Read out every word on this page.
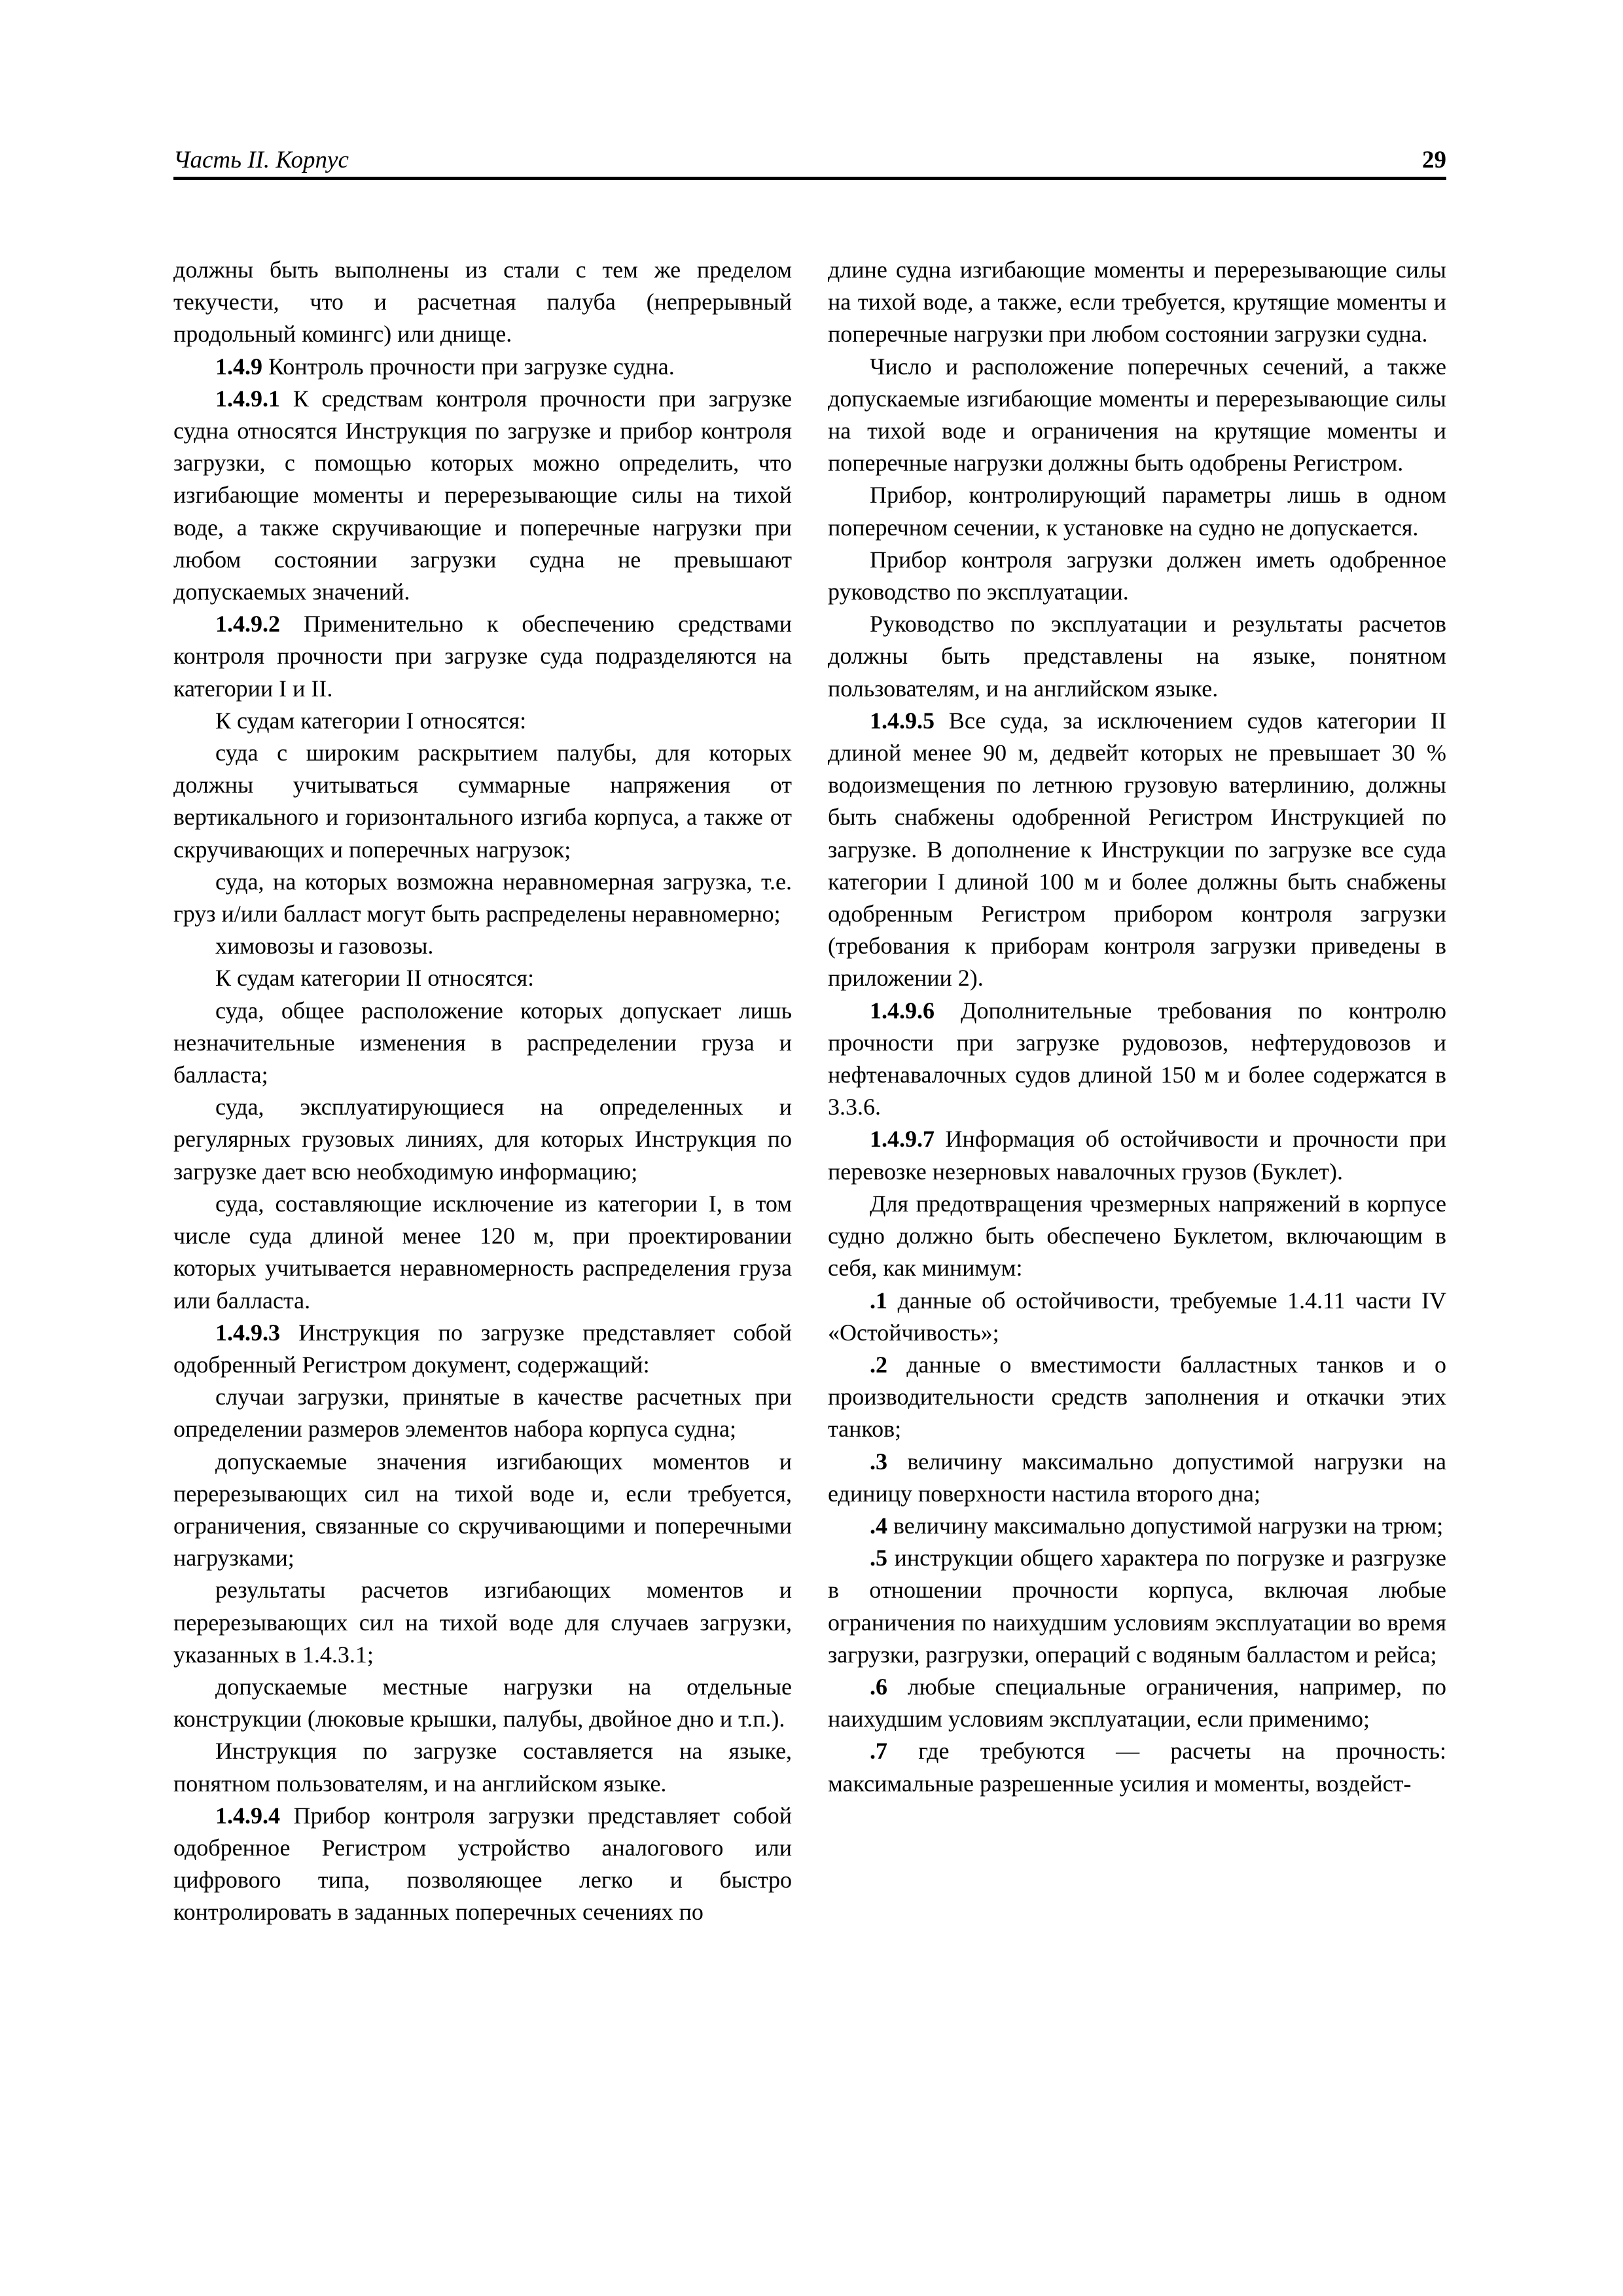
Часть II. Корпус	29

должны быть выполнены из стали с тем же пределом текучести, что и расчетная палуба (непрерывный продольный комингс) или днище.

1.4.9 Контроль прочности при загрузке судна.

1.4.9.1 К средствам контроля прочности при загрузке судна относятся Инструкция по загрузке и прибор контроля загрузки, с помощью которых можно определить, что изгибающие моменты и перерезывающие силы на тихой воде, а также скручивающие и поперечные нагрузки при любом состоянии загрузки судна не превышают допускаемых значений.

1.4.9.2 Применительно к обеспечению средствами контроля прочности при загрузке суда подразделяются на категории I и II.

К судам категории I относятся:

суда с широким раскрытием палубы, для которых должны учитываться суммарные напряжения от вертикального и горизонтального изгиба корпуса, а также от скручивающих и поперечных нагрузок;

суда, на которых возможна неравномерная загрузка, т.е. груз и/или балласт могут быть распределены неравномерно;

химовозы и газовозы.

К судам категории II относятся:

суда, общее расположение которых допускает лишь незначительные изменения в распределении груза и балласта;

суда, эксплуатирующиеся на определенных и регулярных грузовых линиях, для которых Инструкция по загрузке дает всю необходимую информацию;

суда, составляющие исключение из категории I, в том числе суда длиной менее 120 м, при проектировании которых учитывается неравномерность распределения груза или балласта.

1.4.9.3 Инструкция по загрузке представляет собой одобренный Регистром документ, содержащий:

случаи загрузки, принятые в качестве расчетных при определении размеров элементов набора корпуса судна;

допускаемые значения изгибающих моментов и перерезывающих сил на тихой воде и, если требуется, ограничения, связанные со скручивающими и поперечными нагрузками;

результаты расчетов изгибающих моментов и перерезывающих сил на тихой воде для случаев загрузки, указанных в 1.4.3.1;

допускаемые местные нагрузки на отдельные конструкции (люковые крышки, палубы, двойное дно и т.п.).

Инструкция по загрузке составляется на языке, понятном пользователям, и на английском языке.

1.4.9.4 Прибор контроля загрузки представляет собой одобренное Регистром устройство аналогового или цифрового типа, позволяющее легко и быстро контролировать в заданных поперечных сечениях по

длине судна изгибающие моменты и перерезывающие силы на тихой воде, а также, если требуется, крутящие моменты и поперечные нагрузки при любом состоянии загрузки судна.

Число и расположение поперечных сечений, а также допускаемые изгибающие моменты и перерезывающие силы на тихой воде и ограничения на крутящие моменты и поперечные нагрузки должны быть одобрены Регистром.

Прибор, контролирующий параметры лишь в одном поперечном сечении, к установке на судно не допускается.

Прибор контроля загрузки должен иметь одобренное руководство по эксплуатации.

Руководство по эксплуатации и результаты расчетов должны быть представлены на языке, понятном пользователям, и на английском языке.

1.4.9.5 Все суда, за исключением судов категории II длиной менее 90 м, дедвейт которых не превышает 30 % водоизмещения по летнюю грузовую ватерлинию, должны быть снабжены одобренной Регистром Инструкцией по загрузке. В дополнение к Инструкции по загрузке все суда категории I длиной 100 м и более должны быть снабжены одобренным Регистром прибором контроля загрузки (требования к приборам контроля загрузки приведены в приложении 2).

1.4.9.6 Дополнительные требования по контролю прочности при загрузке рудовозов, нефтерудовозов и нефтенавалочных судов длиной 150 м и более содержатся в 3.3.6.

1.4.9.7 Информация об остойчивости и прочности при перевозке незерновых навалочных грузов (Буклет).

Для предотвращения чрезмерных напряжений в корпусе судно должно быть обеспечено Буклетом, включающим в себя, как минимум:

.1 данные об остойчивости, требуемые 1.4.11 части IV «Остойчивость»;

.2 данные о вместимости балластных танков и о производительности средств заполнения и откачки этих танков;

.3 величину максимально допустимой нагрузки на единицу поверхности настила второго дна;

.4 величину максимально допустимой нагрузки на трюм;

.5 инструкции общего характера по погрузке и разгрузке в отношении прочности корпуса, включая любые ограничения по наихудшим условиям эксплуатации во время загрузки, разгрузки, операций с водяным балластом и рейса;

.6 любые специальные ограничения, например, по наихудшим условиям эксплуатации, если применимо;

.7 где требуются — расчеты на прочность: максимальные разрешенные усилия и моменты, воздейст-
